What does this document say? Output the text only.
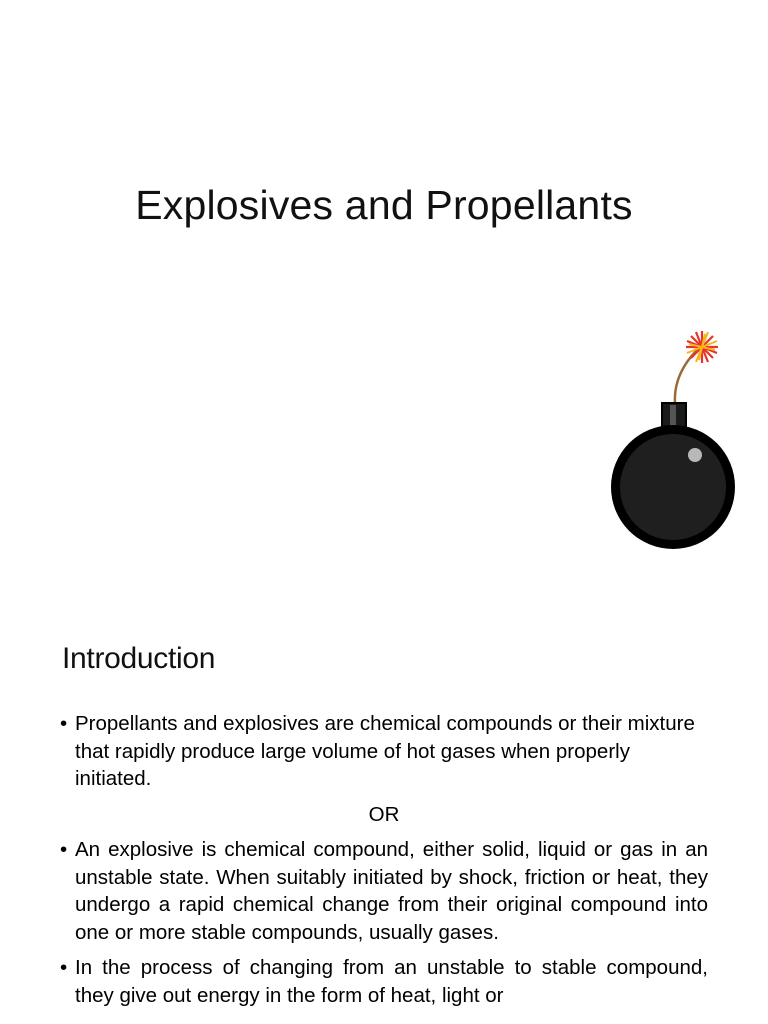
Explosives and Propellants
Introduction
• Propellants and explosives are chemical compounds or their mixture that rapidly produce large volume of hot gases when properly initiated.
OR
• An explosive is chemical compound, either solid, liquid or gas in an unstable state. When suitably initiated by shock, friction or heat, they undergo a rapid chemical change from their original compound into one or more stable compounds, usually gases.
• In the process of changing from an unstable to stable compound, they give out energy in the form of heat, light or
